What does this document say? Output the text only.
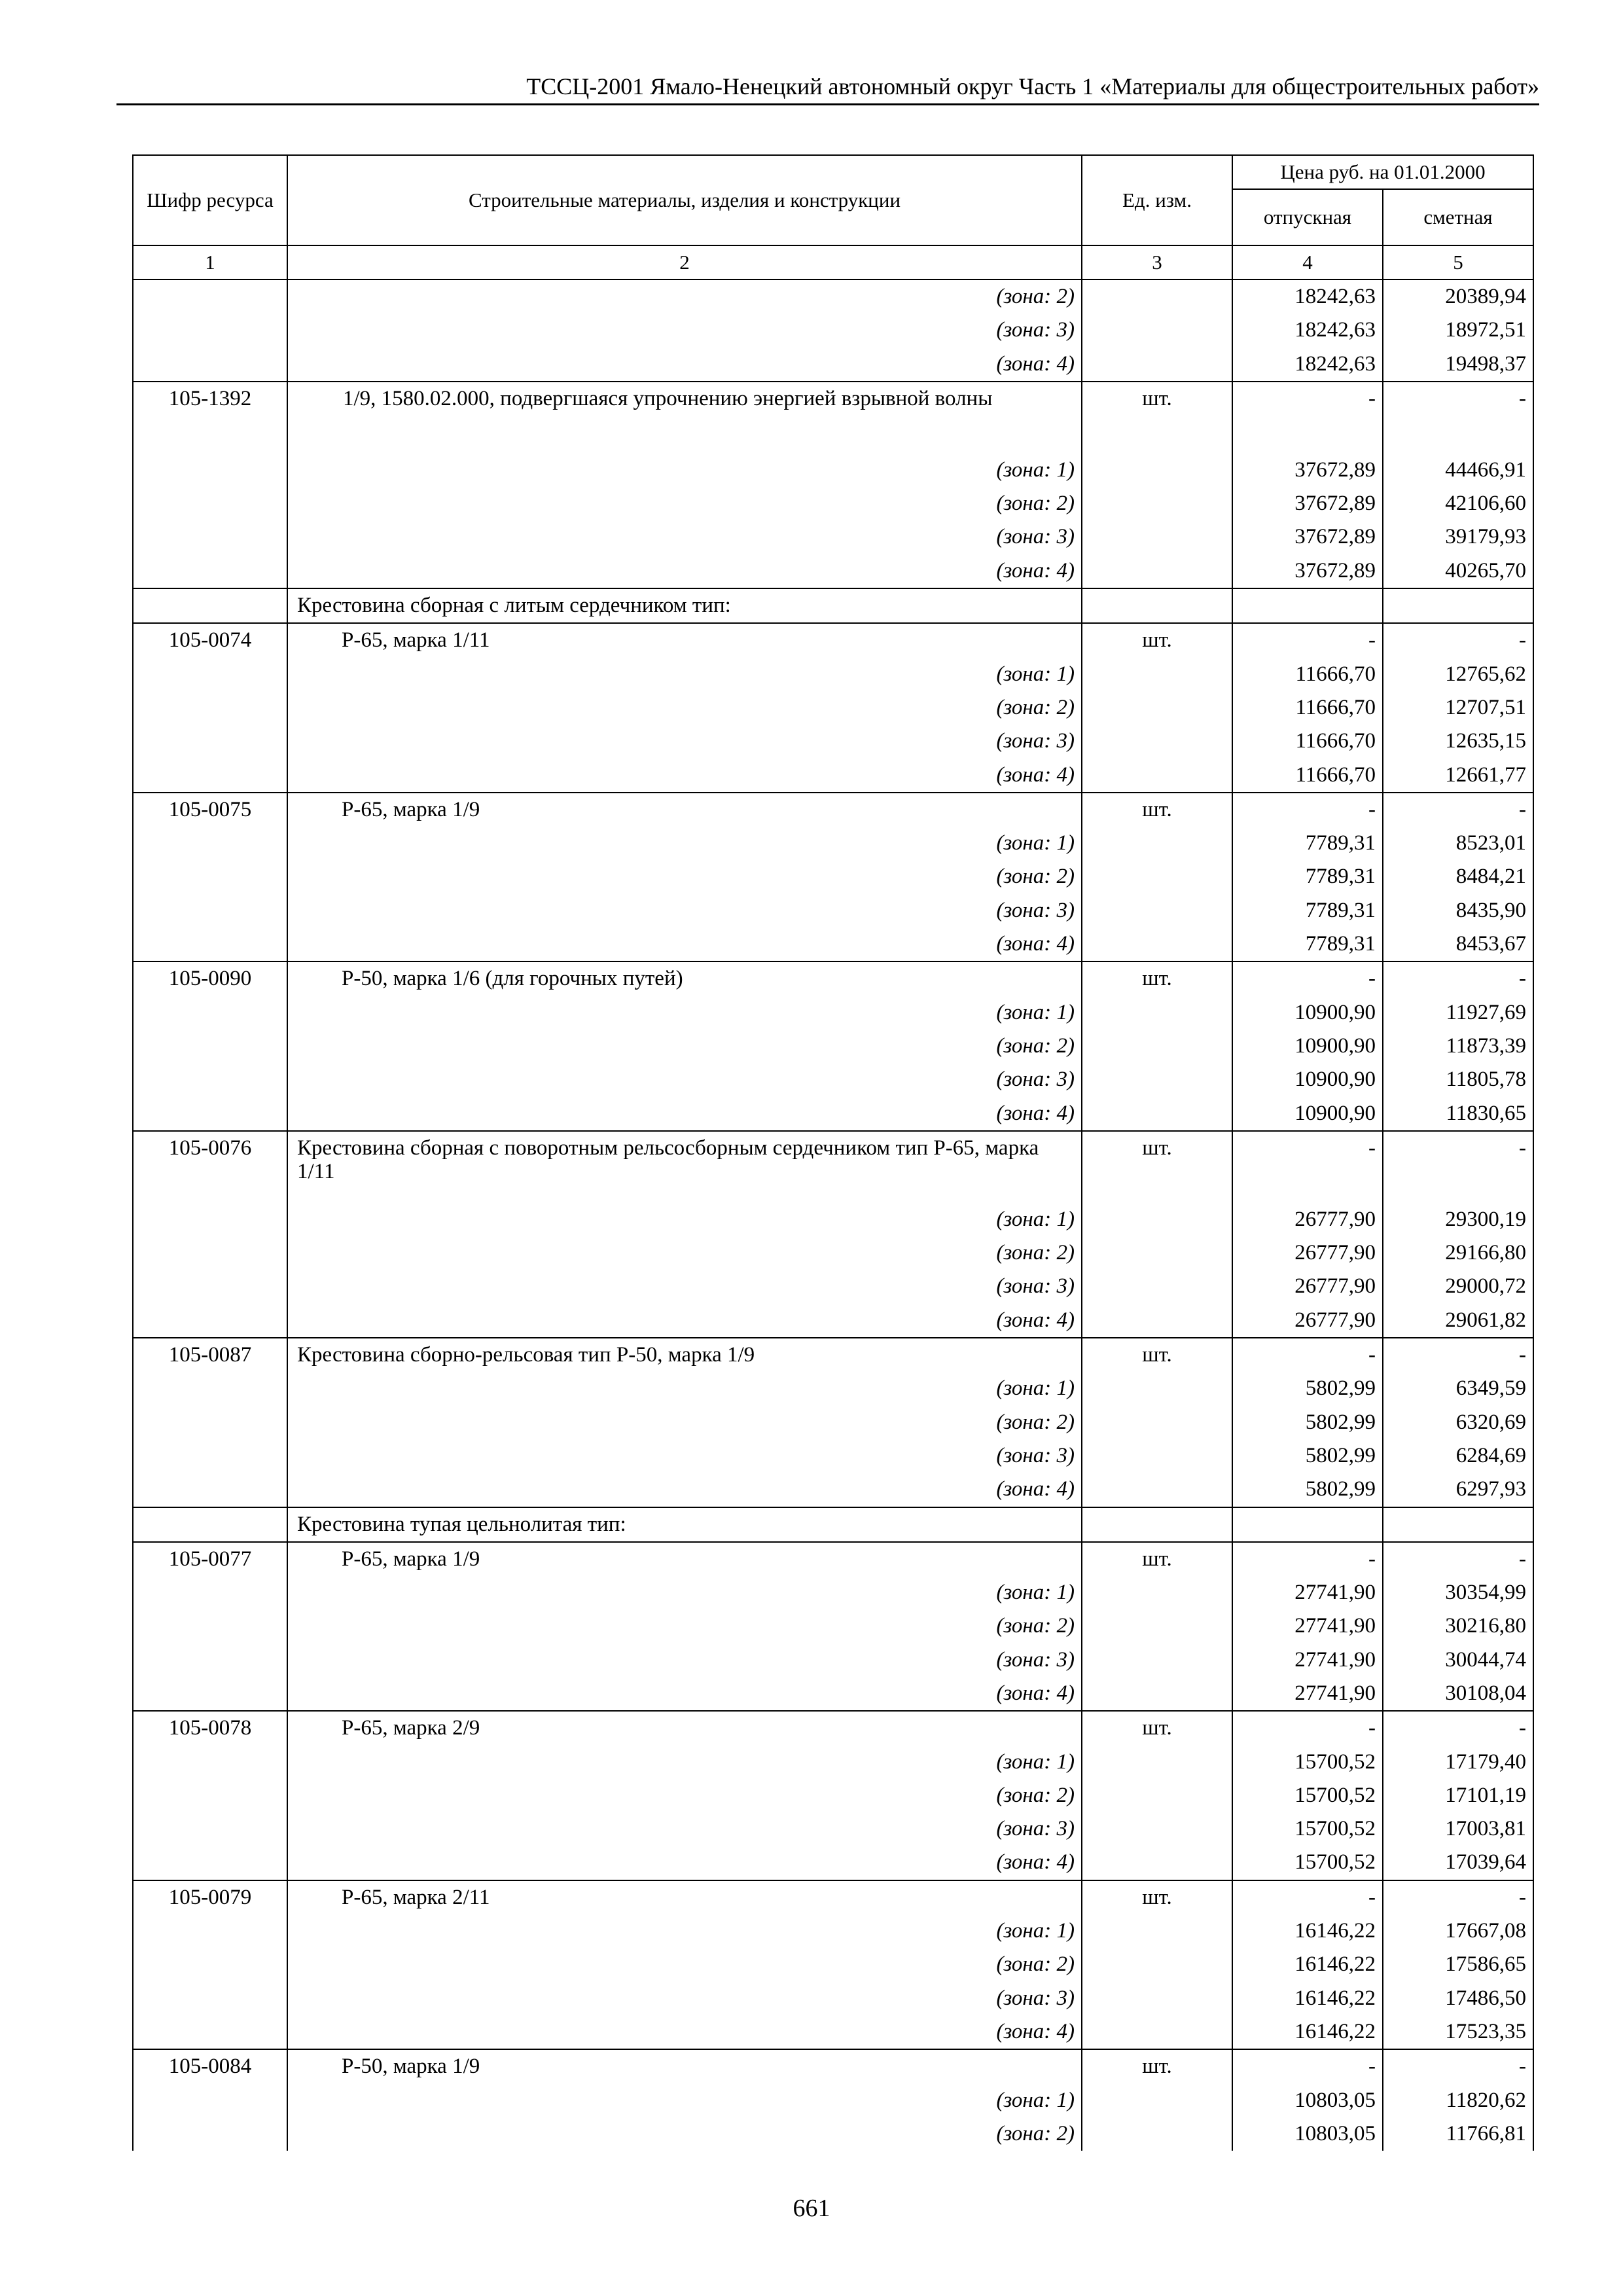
ТССЦ-2001 Ямало-Ненецкий автономный округ Часть 1 «Материалы для общестроительных работ»
Шифр ресурса	Строительные материалы, изделия и конструкции	Ед. изм.	Цена руб. на 01.01.2000	
			отпускная	сметная
1	2	3	4	5
	(зона: 2)		18242,63	20389,94
	(зона: 3)		18242,63	18972,51
	(зона: 4)		18242,63	19498,37
105-1392	1/9, 1580.02.000, подвергшаяся упрочнению энергией взрывной волны	шт.	-	-
	(зона: 1)		37672,89	44466,91
	(зона: 2)		37672,89	42106,60
	(зона: 3)		37672,89	39179,93
	(зона: 4)		37672,89	40265,70
	Крестовина сборная с литым сердечником тип:			
105-0074	Р-65, марка 1/11	шт.	-	-
	(зона: 1)		11666,70	12765,62
	(зона: 2)		11666,70	12707,51
	(зона: 3)		11666,70	12635,15
	(зона: 4)		11666,70	12661,77
105-0075	Р-65, марка 1/9	шт.	-	-
	(зона: 1)		7789,31	8523,01
	(зона: 2)		7789,31	8484,21
	(зона: 3)		7789,31	8435,90
	(зона: 4)		7789,31	8453,67
105-0090	Р-50, марка 1/6 (для горочных путей)	шт.	-	-
	(зона: 1)		10900,90	11927,69
	(зона: 2)		10900,90	11873,39
	(зона: 3)		10900,90	11805,78
	(зона: 4)		10900,90	11830,65
105-0076	Крестовина сборная с поворотным рельсосборным сердечником тип Р-65, марка 1/11	шт.	-	-
	(зона: 1)		26777,90	29300,19
	(зона: 2)		26777,90	29166,80
	(зона: 3)		26777,90	29000,72
	(зона: 4)		26777,90	29061,82
105-0087	Крестовина сборно-рельсовая тип Р-50, марка 1/9	шт.	-	-
	(зона: 1)		5802,99	6349,59
	(зона: 2)		5802,99	6320,69
	(зона: 3)		5802,99	6284,69
	(зона: 4)		5802,99	6297,93
	Крестовина тупая цельнолитая тип:			
105-0077	Р-65, марка 1/9	шт.	-	-
	(зона: 1)		27741,90	30354,99
	(зона: 2)		27741,90	30216,80
	(зона: 3)		27741,90	30044,74
	(зона: 4)		27741,90	30108,04
105-0078	Р-65, марка 2/9	шт.	-	-
	(зона: 1)		15700,52	17179,40
	(зона: 2)		15700,52	17101,19
	(зона: 3)		15700,52	17003,81
	(зона: 4)		15700,52	17039,64
105-0079	Р-65, марка 2/11	шт.	-	-
	(зона: 1)		16146,22	17667,08
	(зона: 2)		16146,22	17586,65
	(зона: 3)		16146,22	17486,50
	(зона: 4)		16146,22	17523,35
105-0084	Р-50, марка 1/9	шт.	-	-
	(зона: 1)		10803,05	11820,62
	(зона: 2)		10803,05	11766,81
661
